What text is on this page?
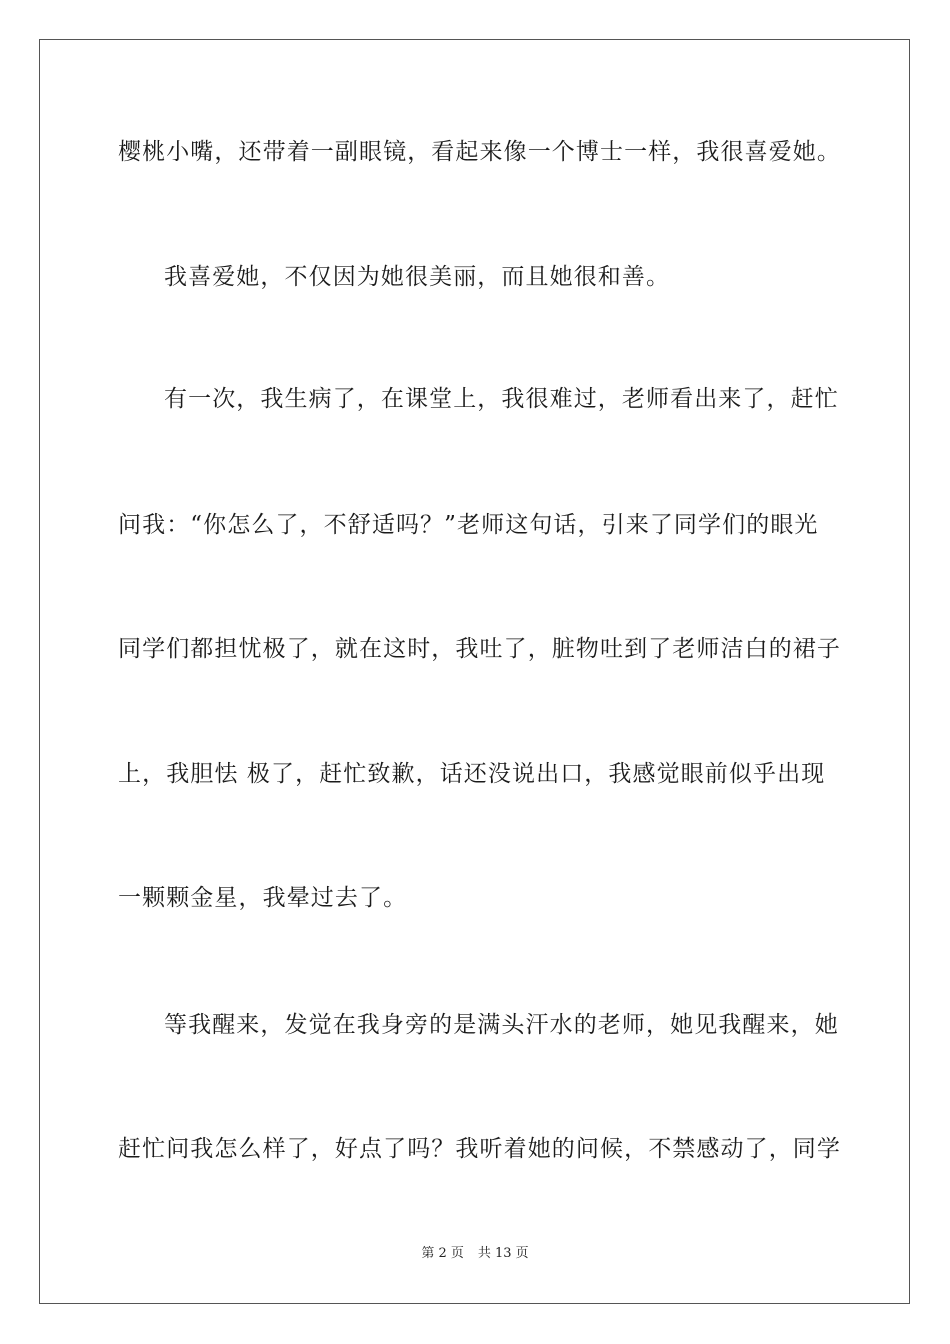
樱桃小嘴，还带着一副眼镜，看起来像一个博士一样，我很喜爱她。
我喜爱她，不仅因为她很美丽，而且她很和善。
有一次，我生病了，在课堂上，我很难过，老师看出来了，赶忙
问我：“你怎么了，不舒适吗？”老师这句话，引来了同学们的眼光
同学们都担忧极了，就在这时，我吐了，脏物吐到了老师洁白的裙子
上，我胆怯 极了，赶忙致歉，话还没说出口，我感觉眼前似乎出现
一颗颗金星，我晕过去了。
等我醒来，发觉在我身旁的是满头汗水的老师，她见我醒来，她
赶忙问我怎么样了，好点了吗？我听着她的问候，不禁感动了，同学
第 2 页 共 13 页
